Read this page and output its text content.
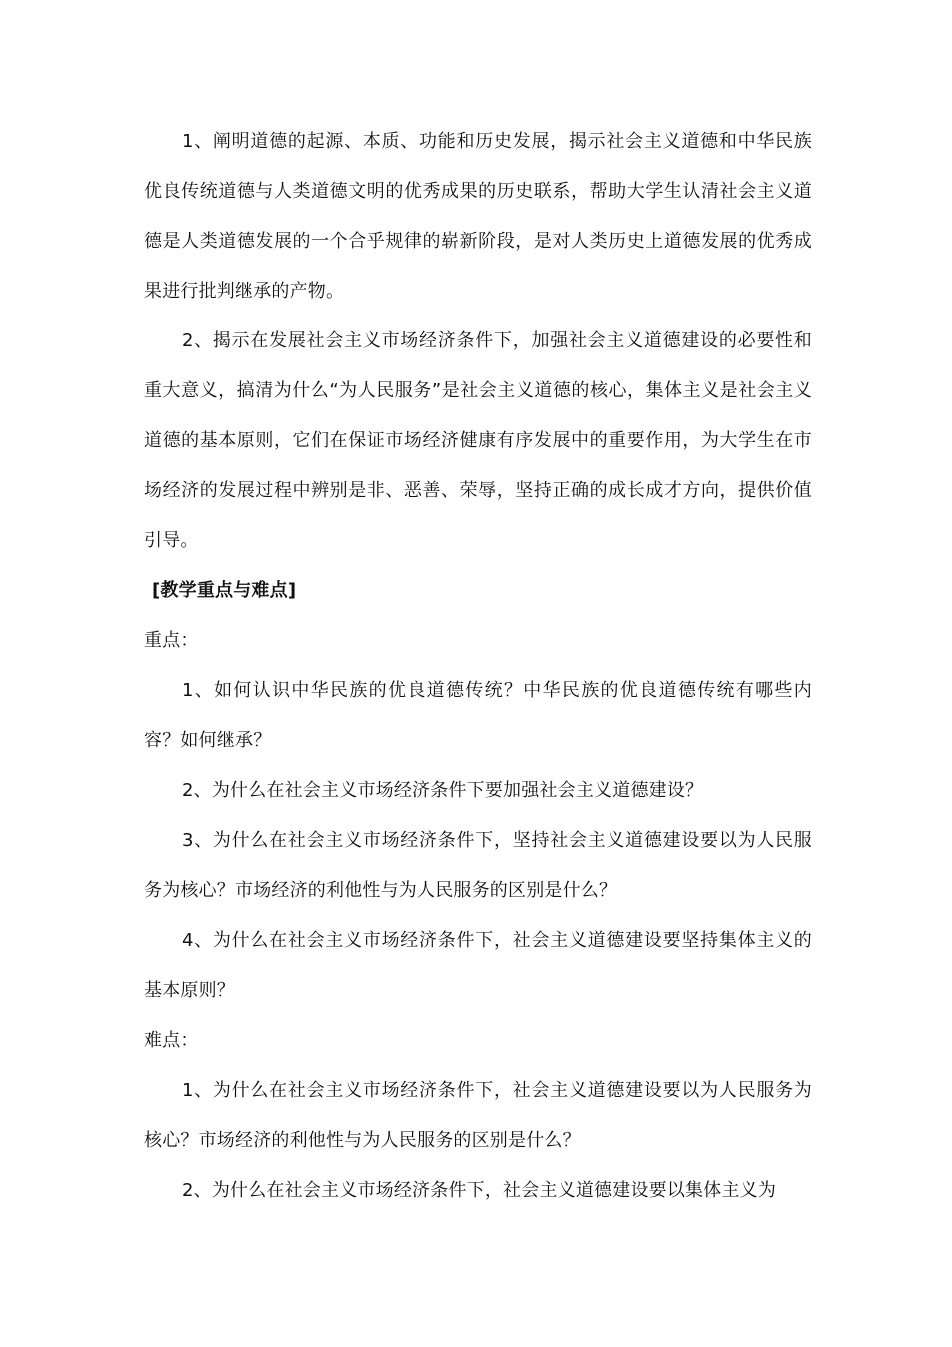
1、阐明道德的起源、本质、功能和历史发展，揭示社会主义道德和中华民族优良传统道德与人类道德文明的优秀成果的历史联系，帮助大学生认清社会主义道德是人类道德发展的一个合乎规律的崭新阶段，是对人类历史上道德发展的优秀成果进行批判继承的产物。

2、揭示在发展社会主义市场经济条件下，加强社会主义道德建设的必要性和重大意义，搞清为什么“为人民服务”是社会主义道德的核心，集体主义是社会主义道德的基本原则，它们在保证市场经济健康有序发展中的重要作用，为大学生在市场经济的发展过程中辨别是非、恶善、荣辱，坚持正确的成长成才方向，提供价值引导。

[教学重点与难点]

重点：

1、如何认识中华民族的优良道德传统？中华民族的优良道德传统有哪些内容？如何继承？

2、为什么在社会主义市场经济条件下要加强社会主义道德建设？

3、为什么在社会主义市场经济条件下，坚持社会主义道德建设要以为人民服务为核心？市场经济的利他性与为人民服务的区别是什么？

4、为什么在社会主义市场经济条件下，社会主义道德建设要坚持集体主义的基本原则？

难点：

1、为什么在社会主义市场经济条件下，社会主义道德建设要以为人民服务为核心？市场经济的利他性与为人民服务的区别是什么？

2、为什么在社会主义市场经济条件下，社会主义道德建设要以集体主义为
